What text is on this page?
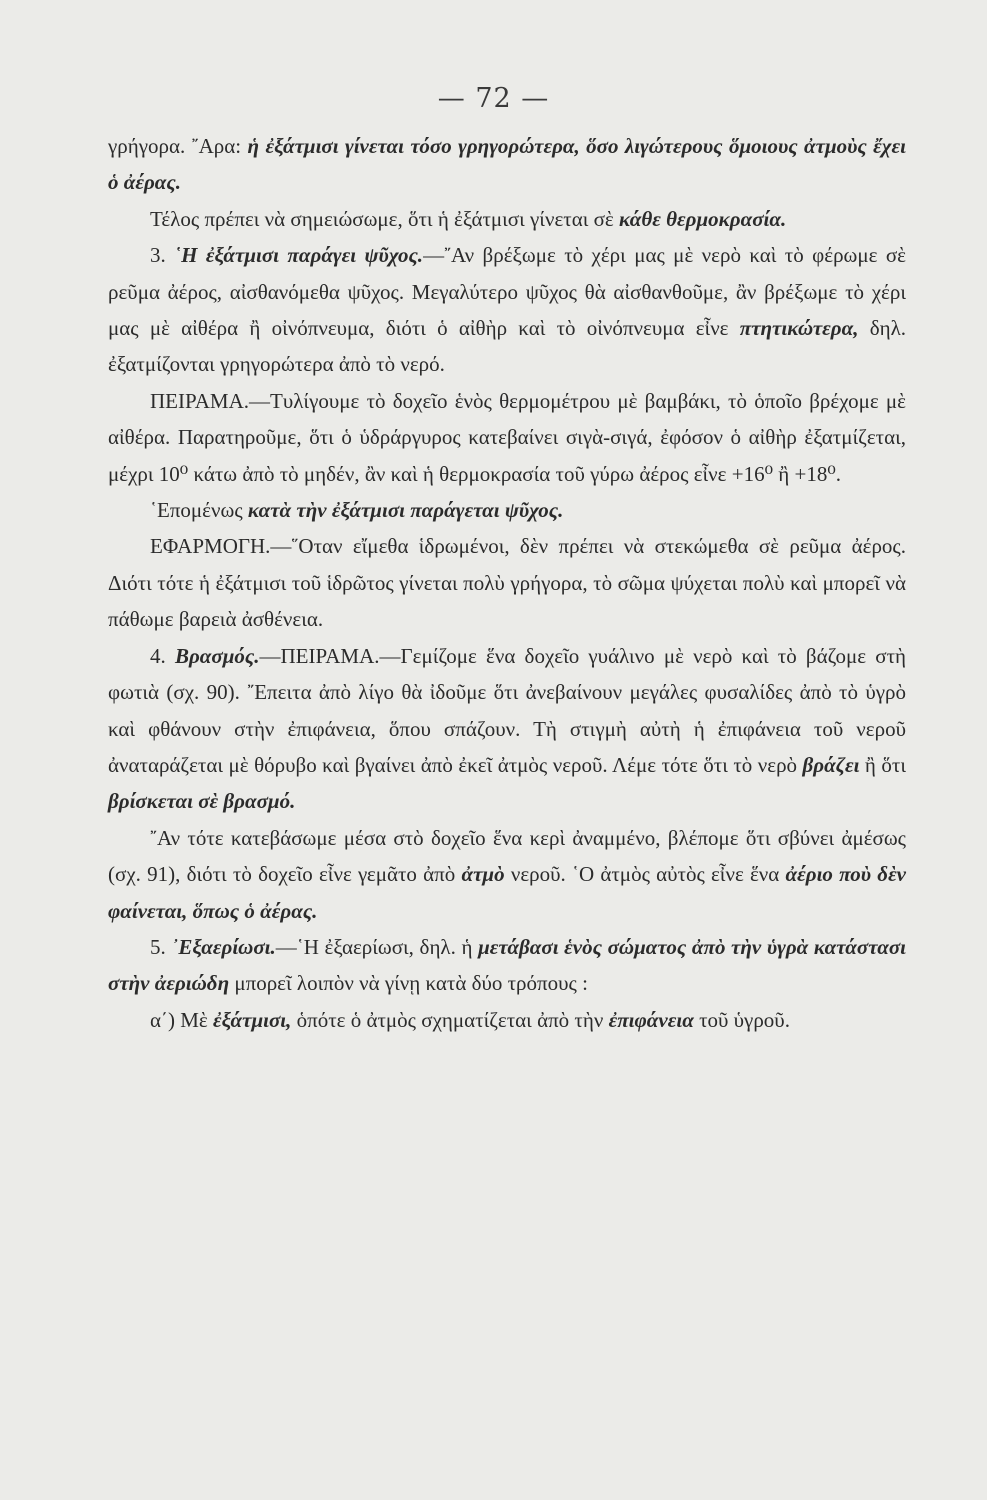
— 72 —

γρήγορα. ῎Αρα: ἡ ἐξάτμισι γίνεται τόσο γρηγορώτερα, ὅσο λιγώτερους ὅμοιους ἀτμοὺς ἔχει ὁ ἀέρας.

Τέλος πρέπει νὰ σημειώσωμε, ὅτι ἡ ἐξάτμισι γίνεται σὲ κάθε θερμοκρασία.

3. ῾Η ἐξάτμισι παράγει ψῦχος.—῎Αν βρέξωμε τὸ χέρι μας μὲ νερὸ καὶ τὸ φέρωμε σὲ ρεῦμα ἀέρος, αἰσθανόμεθα ψῦχος. Μεγαλύτερο ψῦχος θὰ αἰσθανθοῦμε, ἂν βρέξωμε τὸ χέρι μας μὲ αἰθέρα ἢ οἰνόπνευμα, διότι ὁ αἰθὴρ καὶ τὸ οἰνόπνευμα εἶνε πτητικώτερα, δηλ. ἐξατμίζονται γρηγορώτερα ἀπὸ τὸ νερό.

ΠΕΙΡΑΜΑ.—Τυλίγουμε τὸ δοχεῖο ἑνὸς θερμομέτρου μὲ βαμβάκι, τὸ ὁποῖο βρέχομε μὲ αἰθέρα. Παρατηροῦμε, ὅτι ὁ ὑδράργυρος κατεβαίνει σιγὰ-σιγά, ἐφόσον ὁ αἰθὴρ ἐξατμίζεται, μέχρι 10⁰ κάτω ἀπὸ τὸ μηδέν, ἂν καὶ ἡ θερμοκρασία τοῦ γύρω ἀέρος εἶνε +16⁰ ἢ +18⁰.

῾Επομένως κατὰ τὴν ἐξάτμισι παράγεται ψῦχος.

ΕΦΑΡΜΟΓΗ.—῞Οταν εἴμεθα ἱδρωμένοι, δὲν πρέπει νὰ στεκώμεθα σὲ ρεῦμα ἀέρος. Διότι τότε ἡ ἐξάτμισι τοῦ ἱδρῶτος γίνεται πολὺ γρήγορα, τὸ σῶμα ψύχεται πολὺ καὶ μπορεῖ νὰ πάθωμε βαρειὰ ἀσθένεια.

4. Βρασμός.—ΠΕΙΡΑΜΑ.—Γεμίζομε ἕνα δοχεῖο γυάλινο μὲ νερὸ καὶ τὸ βάζομε στὴ φωτιὰ (σχ. 90). ῎Επειτα ἀπὸ λίγο θὰ ἰδοῦμε ὅτι ἀνεβαίνουν μεγάλες φυσαλίδες ἀπὸ τὸ ὑγρὸ καὶ φθάνουν στὴν ἐπιφάνεια, ὅπου σπάζουν. Τὴ στιγμὴ αὐτὴ ἡ ἐπιφάνεια τοῦ νεροῦ ἀναταράζεται μὲ θόρυβο καὶ βγαίνει ἀπὸ ἐκεῖ ἀτμὸς νεροῦ. Λέμε τότε ὅτι τὸ νερὸ βράζει ἢ ὅτι βρίσκεται σὲ βρασμό.

῎Αν τότε κατεβάσωμε μέσα στὸ δοχεῖο ἕνα κερὶ ἀναμμένο, βλέπομε ὅτι σβύνει ἀμέσως (σχ. 91), διότι τὸ δοχεῖο εἶνε γεμᾶτο ἀπὸ ἀτμὸ νεροῦ. ῾Ο ἀτμὸς αὐτὸς εἶνε ἕνα ἀέριο ποὺ δὲν φαίνεται, ὅπως ὁ ἀέρας.

5. ᾿Εξαερίωσι.—῾Η ἐξαερίωσι, δηλ. ἡ μετάβασι ἑνὸς σώματος ἀπὸ τὴν ὑγρὰ κατάστασι στὴν ἀεριώδη μπορεῖ λοιπὸν νὰ γίνῃ κατὰ δύο τρόπους :

α΄) Μὲ ἐξάτμισι, ὁπότε ὁ ἀτμὸς σχηματίζεται ἀπὸ τὴν ἐπιφάνεια τοῦ ὑγροῦ.
